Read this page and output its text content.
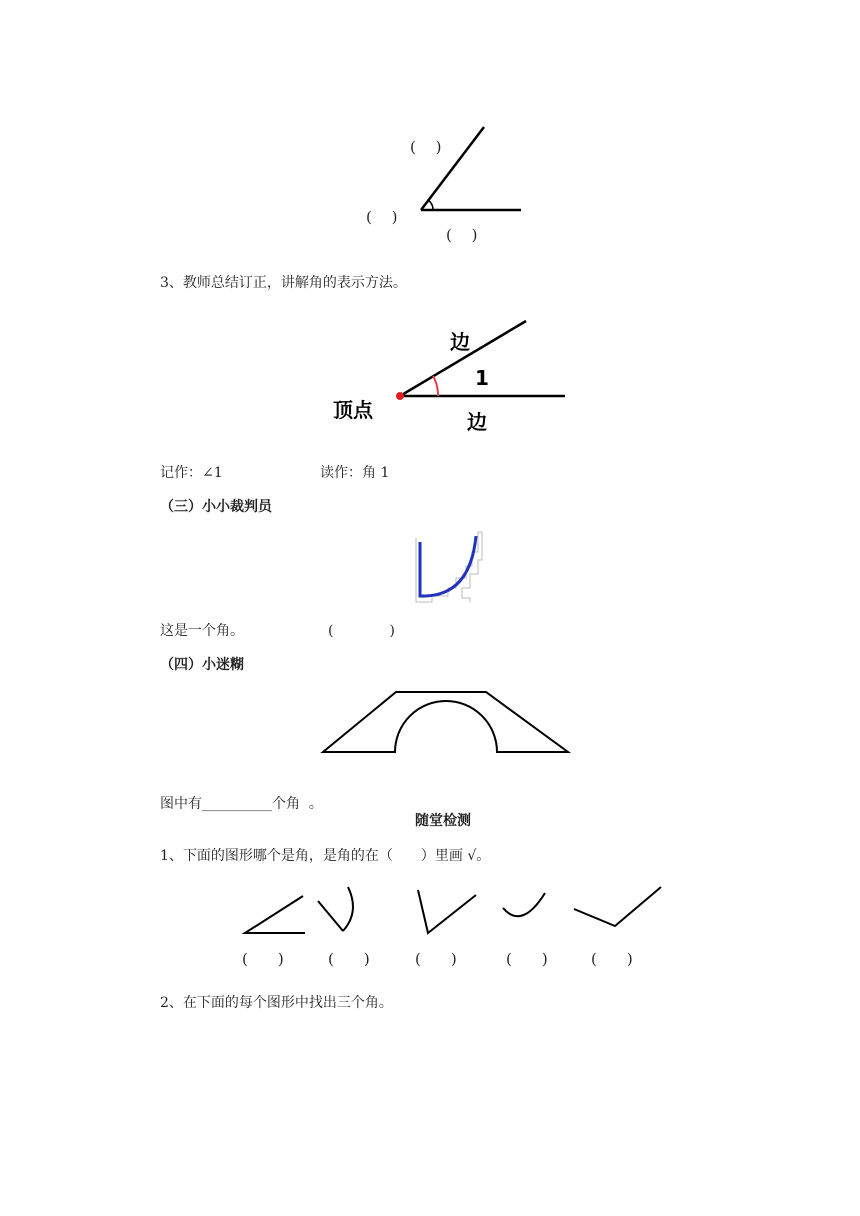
(　 )
(　 )
(　 )
3、教师总结订正，讲解角的表示方法。
边
1
顶点	边
记作：∠1	读作：角 1
（三）小小裁判员
这是一个角。	(　　　　)
（四）小迷糊

图中有__________个角  。

随堂检测
1、下面的图形哪个是角，是角的在（　　）里画 √。
(　　)	(　　)	(　　)	(　　)	(　　)
2、在下面的每个图形中找出三个角。
